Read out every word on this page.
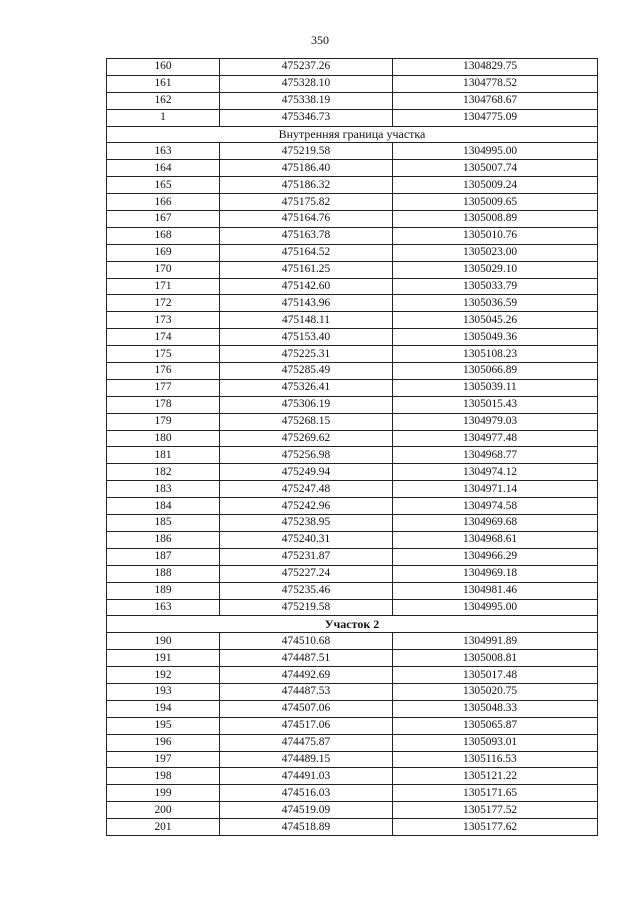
350
160	475237.26	1304829.75
161	475328.10	1304778.52
162	475338.19	1304768.67
1	475346.73	1304775.09
Внутренняя граница участка		
163	475219.58	1304995.00
164	475186.40	1305007.74
165	475186.32	1305009.24
166	475175.82	1305009.65
167	475164.76	1305008.89
168	475163.78	1305010.76
169	475164.52	1305023.00
170	475161.25	1305029.10
171	475142.60	1305033.79
172	475143.96	1305036.59
173	475148.11	1305045.26
174	475153.40	1305049.36
175	475225.31	1305108.23
176	475285.49	1305066.89
177	475326.41	1305039.11
178	475306.19	1305015.43
179	475268.15	1304979.03
180	475269.62	1304977.48
181	475256.98	1304968.77
182	475249.94	1304974.12
183	475247.48	1304971.14
184	475242.96	1304974.58
185	475238.95	1304969.68
186	475240.31	1304968.61
187	475231.87	1304966.29
188	475227.24	1304969.18
189	475235.46	1304981.46
163	475219.58	1304995.00
Участок 2		
190	474510.68	1304991.89
191	474487.51	1305008.81
192	474492.69	1305017.48
193	474487.53	1305020.75
194	474507.06	1305048.33
195	474517.06	1305065.87
196	474475.87	1305093.01
197	474489.15	1305116.53
198	474491.03	1305121.22
199	474516.03	1305171.65
200	474519.09	1305177.52
201	474518.89	1305177.62
